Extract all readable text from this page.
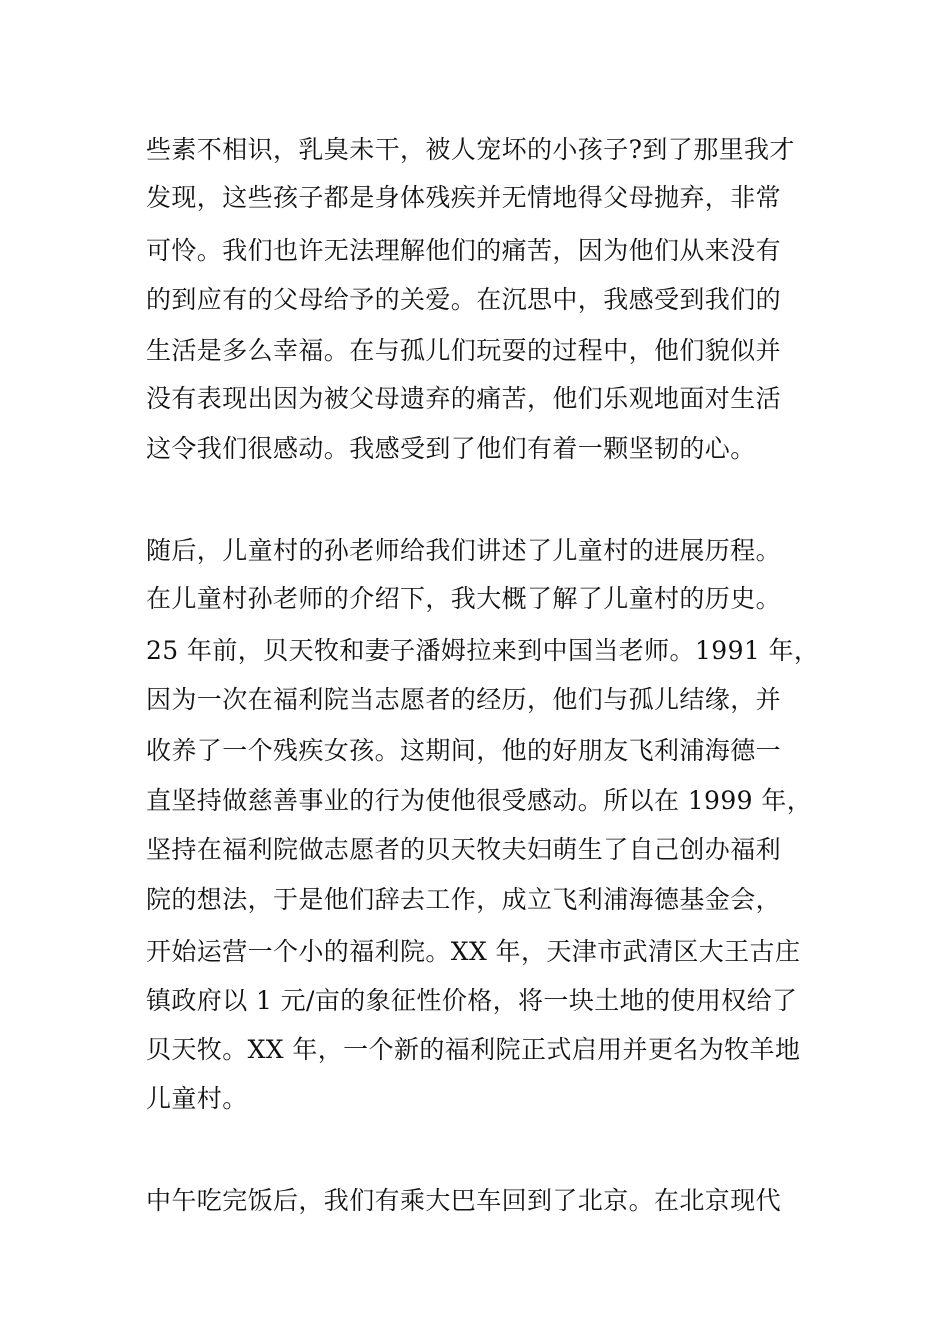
些素不相识，乳臭未干，被人宠坏的小孩子?到了那里我才
发现，这些孩子都是身体残疾并无情地得父母抛弃，非常
可怜。我们也许无法理解他们的痛苦，因为他们从来没有
的到应有的父母给予的关爱。在沉思中，我感受到我们的
生活是多么幸福。在与孤儿们玩耍的过程中，他们貌似并
没有表现出因为被父母遗弃的痛苦，他们乐观地面对生活
这令我们很感动。我感受到了他们有着一颗坚韧的心。
随后，儿童村的孙老师给我们讲述了儿童村的进展历程。
在儿童村孙老师的介绍下，我大概了解了儿童村的历史。
25 年前，贝天牧和妻子潘姆拉来到中国当老师。1991 年，
因为一次在福利院当志愿者的经历，他们与孤儿结缘，并
收养了一个残疾女孩。这期间，他的好朋友飞利浦海德一
直坚持做慈善事业的行为使他很受感动。所以在 1999 年，
坚持在福利院做志愿者的贝天牧夫妇萌生了自己创办福利
院的想法，于是他们辞去工作，成立飞利浦海德基金会，
开始运营一个小的福利院。XX 年，天津市武清区大王古庄
镇政府以 1 元/亩的象征性价格，将一块土地的使用权给了
贝天牧。XX 年，一个新的福利院正式启用并更名为牧羊地
儿童村。
中午吃完饭后，我们有乘大巴车回到了北京。在北京现代
